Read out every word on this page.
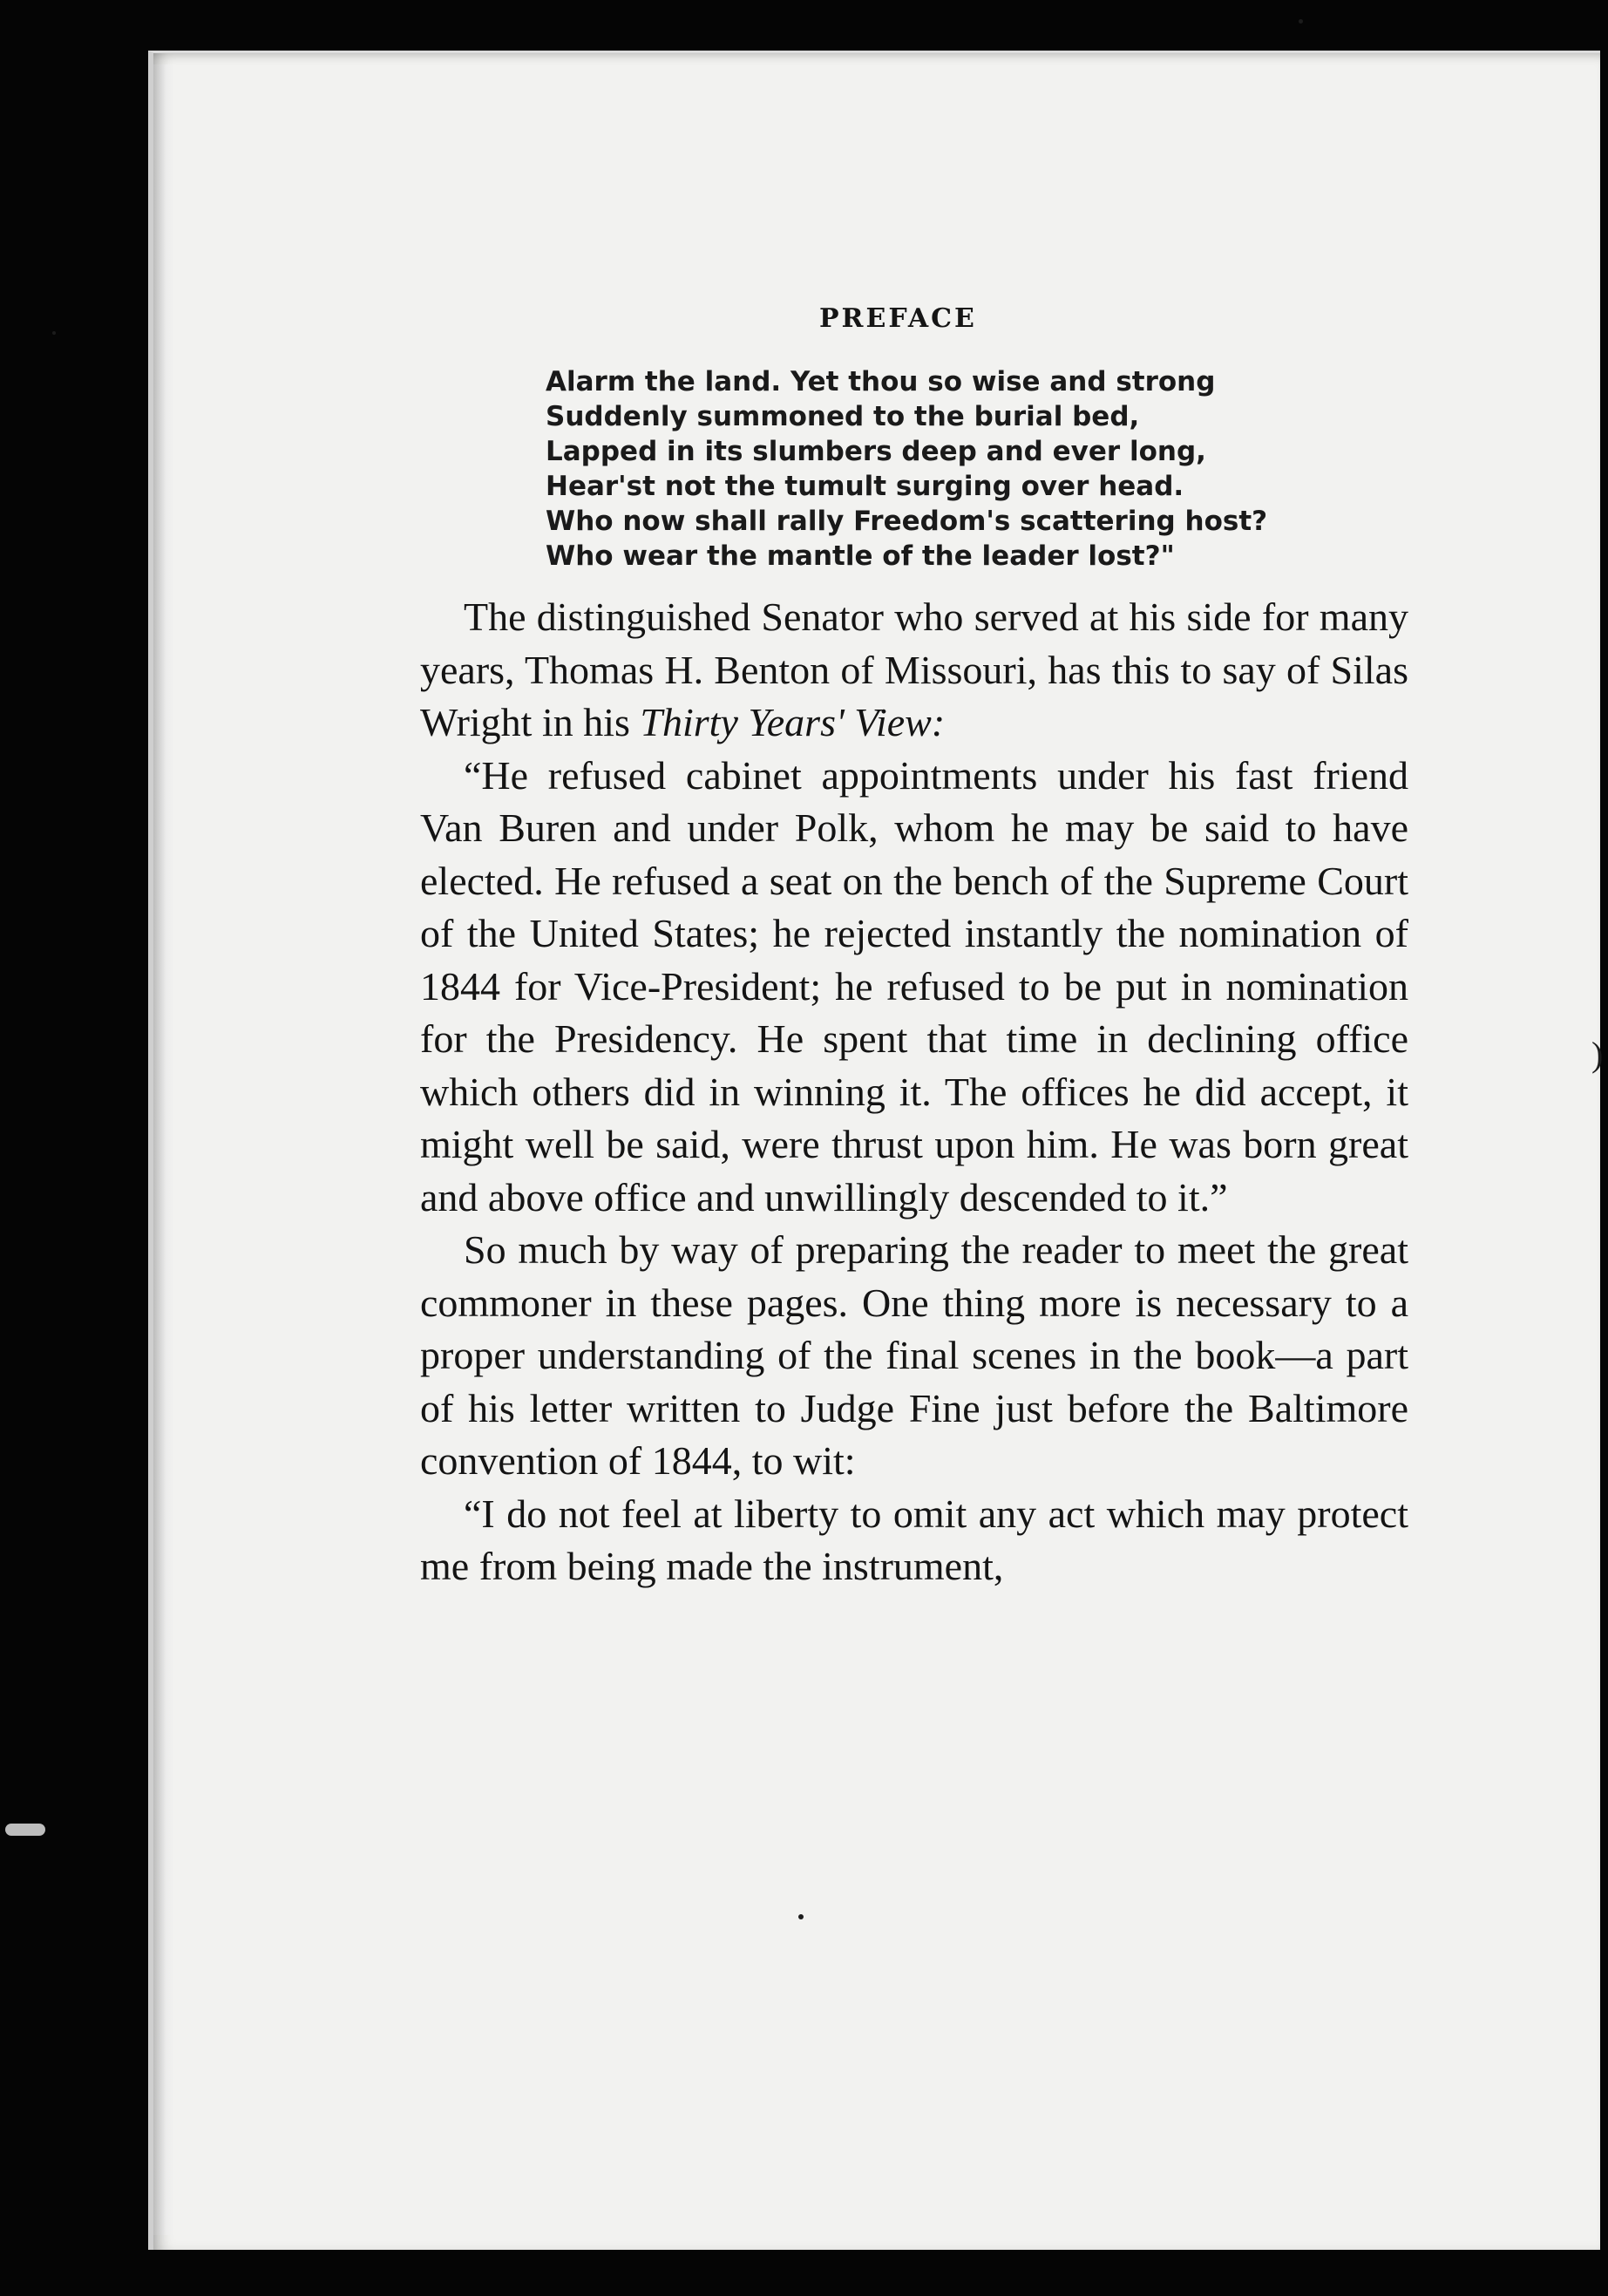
PREFACE
Alarm the land. Yet thou so wise and strong
Suddenly summoned to the burial bed,
Lapped in its slumbers deep and ever long,
Hear'st not the tumult surging over head.
Who now shall rally Freedom's scattering host?
Who wear the mantle of the leader lost?"

The distinguished Senator who served at his side for many years, Thomas H. Benton of Missouri, has this to say of Silas Wright in his Thirty Years' View:

“He refused cabinet appointments under his fast friend Van Buren and under Polk, whom he may be said to have elected. He refused a seat on the bench of the Supreme Court of the United States; he rejected instantly the nomination of 1844 for Vice-President; he refused to be put in nomination for the Presidency. He spent that time in declining office which others did in winning it. The offices he did accept, it might well be said, were thrust upon him. He was born great and above office and unwillingly descended to it.”

So much by way of preparing the reader to meet the great commoner in these pages. One thing more is necessary to a proper understanding of the final scenes in the book—a part of his letter written to Judge Fine just before the Baltimore convention of 1844, to wit:

“I do not feel at liberty to omit any act which may protect me from being made the instrument,

)
